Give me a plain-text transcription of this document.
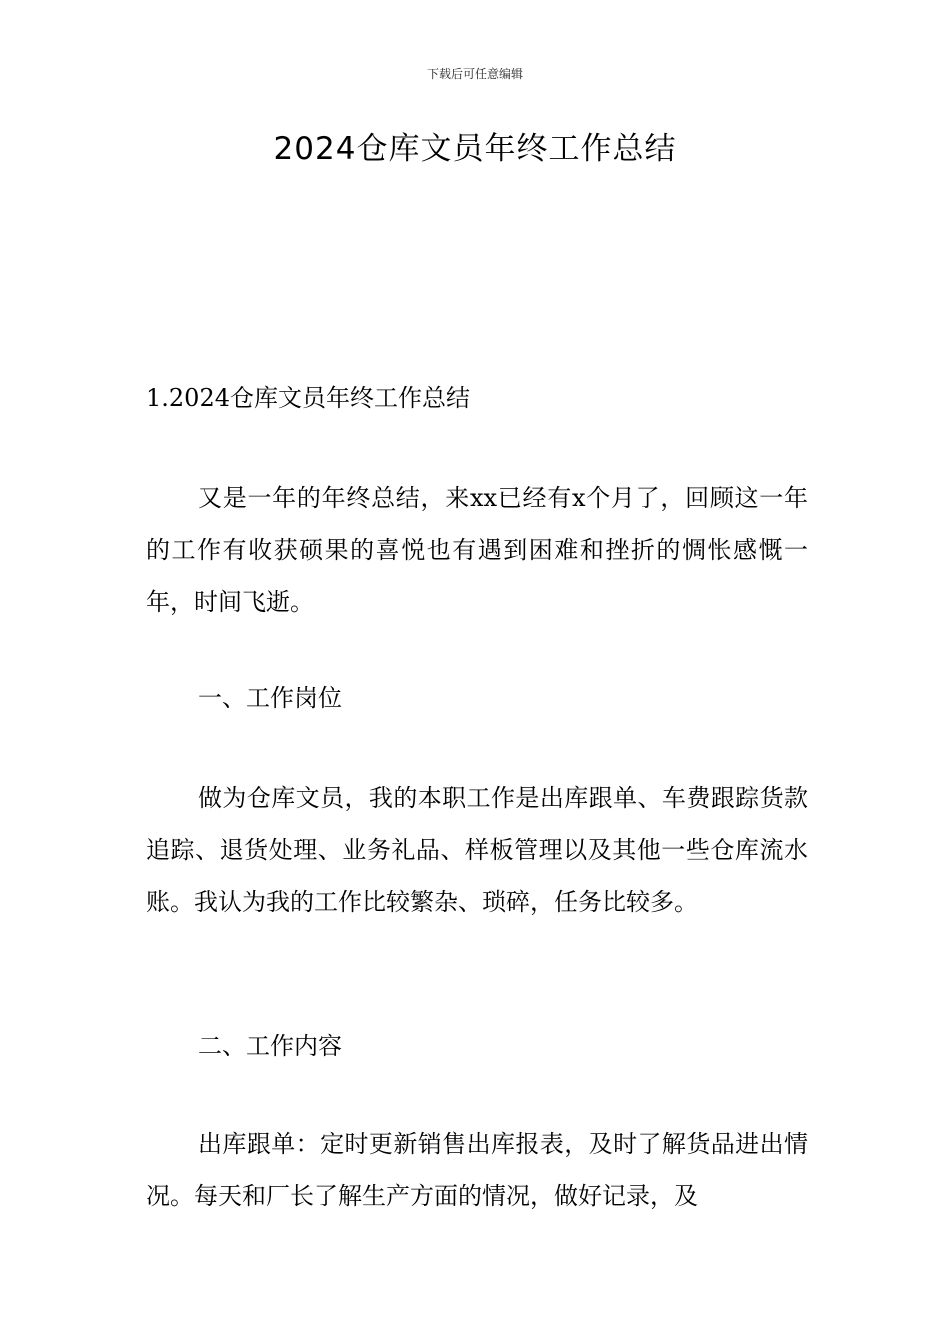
下载后可任意编辑
2024仓库文员年终工作总结

1.2024仓库文员年终工作总结

又是一年的年终总结，来xx已经有x个月了，回顾这一年的工作有收获硕果的喜悦也有遇到困难和挫折的惆怅感慨一年，时间飞逝。

一、工作岗位

做为仓库文员，我的本职工作是出库跟单、车费跟踪货款追踪、退货处理、业务礼品、样板管理以及其他一些仓库流水账。我认为我的工作比较繁杂、琐碎，任务比较多。

二、工作内容

出库跟单：定时更新销售出库报表，及时了解货品进出情况。每天和厂长了解生产方面的情况，做好记录，及
